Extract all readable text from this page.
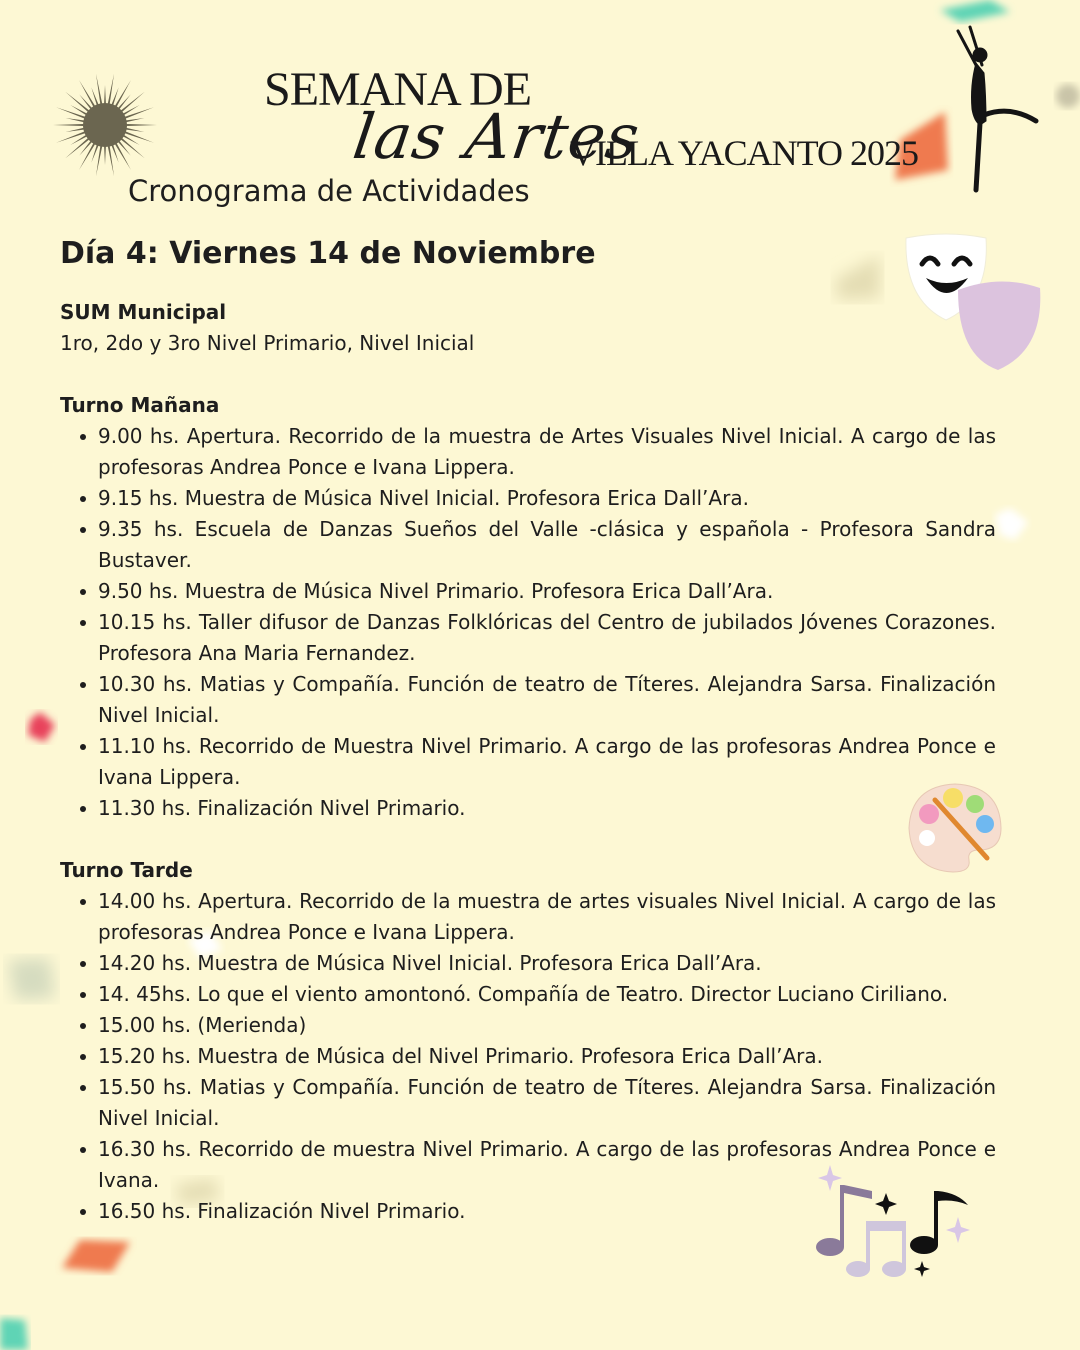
SEMANA DE
las Artes
VILLA YACANTO 2025
Cronograma de Actividades
Día 4: Viernes 14 de Noviembre
SUM Municipal
1ro, 2do y 3ro Nivel Primario, Nivel Inicial
Turno Mañana
9.00 hs. Apertura. Recorrido de la muestra de Artes Visuales Nivel Inicial. A cargo de las profesoras Andrea Ponce e Ivana Lippera.
9.15 hs. Muestra de Música Nivel Inicial. Profesora Erica Dall’Ara.
9.35 hs. Escuela de Danzas Sueños del Valle -clásica y española - Profesora Sandra Bustaver.
9.50 hs. Muestra de Música Nivel Primario. Profesora Erica Dall’Ara.
10.15 hs. Taller difusor de Danzas Folklóricas del Centro de jubilados Jóvenes Corazones. Profesora Ana Maria Fernandez.
10.30 hs. Matias y Compañía. Función de teatro de Títeres. Alejandra Sarsa. Finalización Nivel Inicial.
11.10 hs. Recorrido de Muestra Nivel Primario. A cargo de las profesoras Andrea Ponce e Ivana Lippera.
11.30 hs. Finalización Nivel Primario.
Turno Tarde
14.00 hs. Apertura. Recorrido de la muestra de artes visuales Nivel Inicial. A cargo de las profesoras Andrea Ponce e Ivana Lippera.
14.20 hs. Muestra de Música Nivel Inicial. Profesora Erica Dall’Ara.
14. 45hs. Lo que el viento amontonó. Compañía de Teatro. Director Luciano Ciriliano.
15.00 hs. (Merienda)
15.20 hs. Muestra de Música del Nivel Primario. Profesora Erica Dall’Ara.
15.50 hs. Matias y Compañía. Función de teatro de Títeres. Alejandra Sarsa. Finalización Nivel Inicial.
16.30 hs. Recorrido de muestra Nivel Primario. A cargo de las profesoras Andrea Ponce e Ivana.
16.50 hs. Finalización Nivel Primario.
